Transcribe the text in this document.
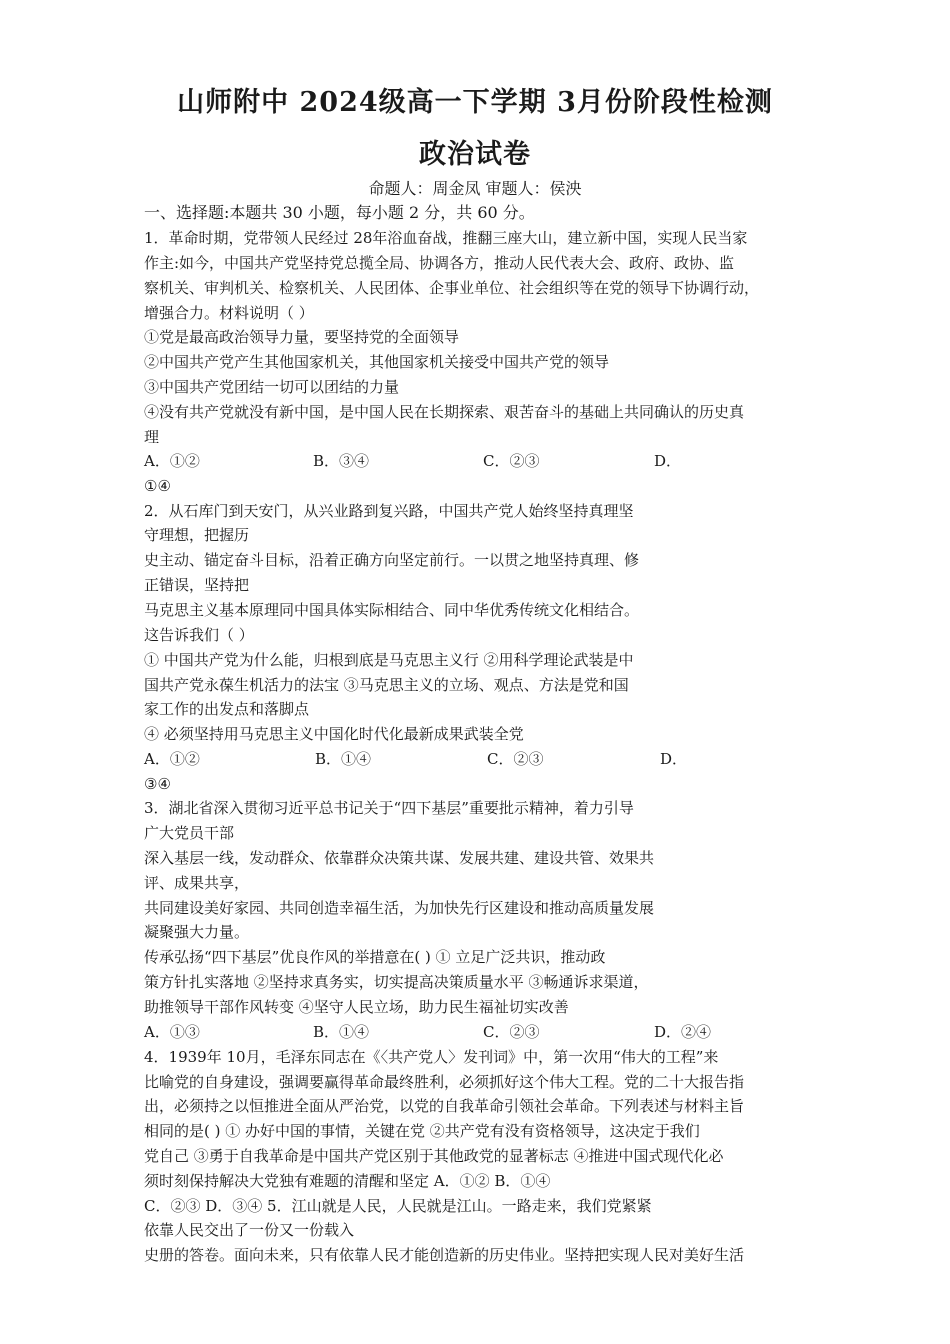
山师附中 2024级高一下学期 3月份阶段性检测
政治试卷
命题人：周金凤 审题人：侯泱
一、选择题:本题共 30 小题，每小题 2 分，共 60 分。
1．革命时期，党带领人民经过 28年浴血奋战，推翻三座大山，建立新中国，实现人民当家
作主:如今，中国共产党坚持党总揽全局、协调各方，推动人民代表大会、政府、政协、监
察机关、审判机关、检察机关、人民团体、企事业单位、社会组织等在党的领导下协调行动，
增强合力。材料说明（ ）
①党是最高政治领导力量，要坚持党的全面领导
②中国共产党产生其他国家机关，其他国家机关接受中国共产党的领导
③中国共产党团结一切可以团结的力量
④没有共产党就没有新中国，是中国人民在长期探索、艰苦奋斗的基础上共同确认的历史真
理
A．①②	B．③④	C．②③	D．
①④
2．从石库门到天安门，从兴业路到复兴路，中国共产党人始终坚持真理坚
守理想，把握历
史主动、锚定奋斗目标，沿着正确方向坚定前行。一以贯之地坚持真理、修
正错误，坚持把
马克思主义基本原理同中国具体实际相结合、同中华优秀传统文化相结合。
这告诉我们（ ）
① 中国共产党为什么能，归根到底是马克思主义行 ②用科学理论武装是中
国共产党永葆生机活力的法宝 ③马克思主义的立场、观点、方法是党和国
家工作的出发点和落脚点
④ 必须坚持用马克思主义中国化时代化最新成果武装全党
A．①②	B．①④	C．②③	D．
③④
3．湖北省深入贯彻习近平总书记关于“四下基层”重要批示精神，着力引导
广大党员干部
深入基层一线，发动群众、依靠群众决策共谋、发展共建、建设共管、效果共
评、成果共享，
共同建设美好家园、共同创造幸福生活，为加快先行区建设和推动高质量发展
凝聚强大力量。
传承弘扬“四下基层”优良作风的举措意在( ) ① 立足广泛共识，推动政
策方针扎实落地 ②坚持求真务实，切实提高决策质量水平 ③畅通诉求渠道，
助推领导干部作风转变 ④坚守人民立场，助力民生福祉切实改善
A．①③	B．①④	C．②③	D．②④
4．1939年 10月，毛泽东同志在《〈共产党人〉发刊词》中，第一次用“伟大的工程”来
比喻党的自身建设，强调要赢得革命最终胜利，必须抓好这个伟大工程。党的二十大报告指
出，必须持之以恒推进全面从严治党，以党的自我革命引领社会革命。下列表述与材料主旨
相同的是( ) ① 办好中国的事情，关键在党 ②共产党有没有资格领导，这决定于我们
党自己 ③勇于自我革命是中国共产党区别于其他政党的显著标志 ④推进中国式现代化必
须时刻保持解决大党独有难题的清醒和坚定 A．①② B．①④
C．②③ D．③④ 5．江山就是人民，人民就是江山。一路走来，我们党紧紧
依靠人民交出了一份又一份载入
史册的答卷。面向未来，只有依靠人民才能创造新的历史伟业。坚持把实现人民对美好生活
